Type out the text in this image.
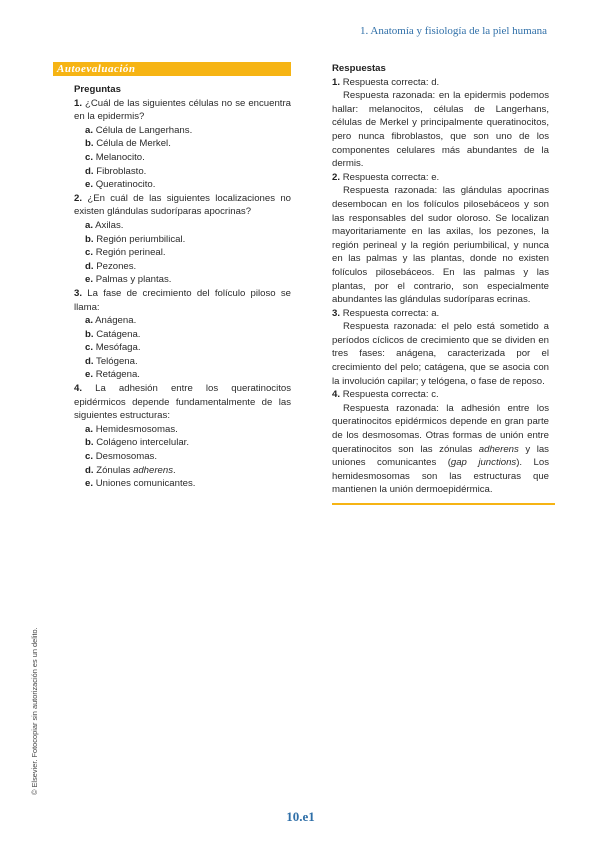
1. Anatomía y fisiología de la piel humana
Autoevaluación
Preguntas

1. ¿Cuál de las siguientes células no se encuentra en la epidermis?

a. Célula de Langerhans.

b. Célula de Merkel.

c. Melanocito.

d. Fibroblasto.

e. Queratinocito.

2. ¿En cuál de las siguientes localizaciones no existen glándulas sudoríparas apocrinas?

a. Axilas.

b. Región periumbilical.

c. Región perineal.

d. Pezones.

e. Palmas y plantas.

3. La fase de crecimiento del folículo piloso se llama:

a. Anágena.

b. Catágena.

c. Mesófaga.

d. Telógena.

e. Retágena.

4. La adhesión entre los queratinocitos epidérmicos depende fundamentalmente de las siguientes estructuras:

a. Hemidesmosomas.

b. Colágeno intercelular.

c. Desmosomas.

d. Zónulas adherens.

e. Uniones comunicantes.

Respuestas

1. Respuesta correcta: d.

Respuesta razonada: en la epidermis podemos hallar: melanocitos, células de Langerhans, células de Merkel y principalmente queratinocitos, pero nunca fibroblastos, que son uno de los componentes celulares más abundantes de la dermis.

2. Respuesta correcta: e.

Respuesta razonada: las glándulas apocrinas desembocan en los folículos pilosebáceos y son las responsables del sudor oloroso. Se localizan mayoritariamente en las axilas, los pezones, la región perineal y la región periumbilical, y nunca en las palmas y las plantas, donde no existen folículos pilosebáceos. En las palmas y las plantas, por el contrario, son especialmente abundantes las glándulas sudoríparas ecrinas.

3. Respuesta correcta: a.

Respuesta razonada: el pelo está sometido a períodos cíclicos de crecimiento que se dividen en tres fases: anágena, caracterizada por el crecimiento del pelo; catágena, que se asocia con la involución capilar; y telógena, o fase de reposo.

4. Respuesta correcta: c.

Respuesta razonada: la adhesión entre los queratinocitos epidérmicos depende en gran parte de los desmosomas. Otras formas de unión entre queratinocitos son las zónulas adherens y las uniones comunicantes (gap junctions). Los hemidesmosomas son las estructuras que mantienen la unión dermoepidérmica.

© Elsevier. Fotocopiar sin autorización es un delito.
10.e1
